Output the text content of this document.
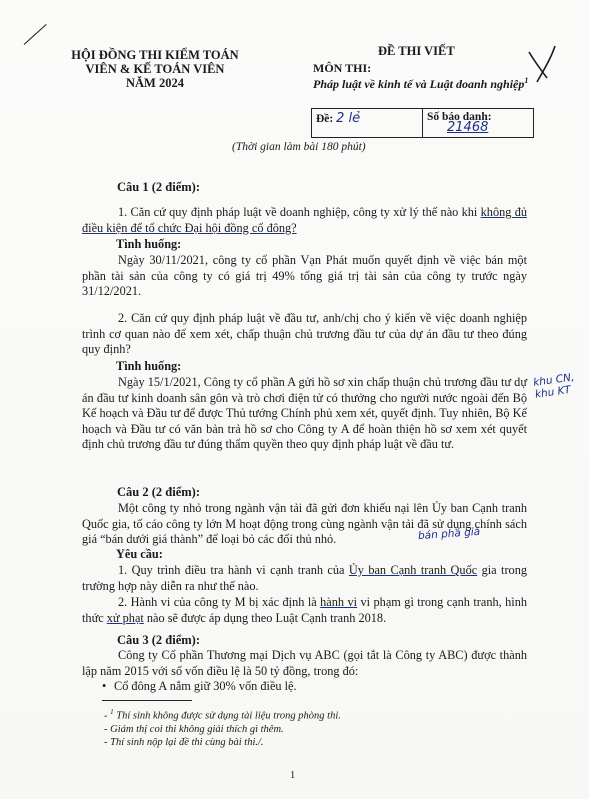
HỘI ĐỒNG THI KIỂM TOÁN
VIÊN & KẾ TOÁN VIÊN
NĂM 2024
ĐỀ THI VIẾT
MÔN THI:
Pháp luật về kinh tế và Luật doanh nghiệp$^1$
Đề: 2 lẻ	Số báo danh:
21468
(Thời gian làm bài 180 phút)
Câu 1 (2 điểm):
1. Căn cứ quy định pháp luật về doanh nghiệp, công ty xử lý thế nào khi không đủ điều kiện để tổ chức Đại hội đồng cổ đông?
Tình huống:
Ngày 30/11/2021, công ty cổ phần Vạn Phát muốn quyết định về việc bán một phần tài sản của công ty có giá trị 49% tổng giá trị tài sản của công ty trước ngày 31/12/2021.
2. Căn cứ quy định pháp luật về đầu tư, anh/chị cho ý kiến về việc doanh nghiệp trình cơ quan nào để xem xét, chấp thuận chủ trương đầu tư của dự án đầu tư theo đúng quy định?
Tình huống:
Ngày 15/1/2021, Công ty cổ phần A gửi hồ sơ xin chấp thuận chủ trương đầu tư dự án đầu tư kinh doanh sân gôn và trò chơi điện tử có thưởng cho người nước ngoài đến Bộ Kế hoạch và Đầu tư để được Thủ tướng Chính phủ xem xét, quyết định. Tuy nhiên, Bộ Kế hoạch và Đầu tư có văn bản trả hồ sơ cho Công ty A để hoàn thiện hồ sơ xem xét quyết định chủ trương đầu tư đúng thẩm quyền theo quy định pháp luật về đầu tư.
khu CN,
khu KT
Câu 2 (2 điểm):
Một công ty nhỏ trong ngành vận tải đã gửi đơn khiếu nại lên Ủy ban Cạnh tranh Quốc gia, tố cáo công ty lớn M hoạt động trong cùng ngành vận tải đã sử dụng chính sách giá “bán dưới giá thành” để loại bỏ các đối thủ nhỏ.	bán phá giá
Yêu cầu:
1. Quy trình điều tra hành vi cạnh tranh của Ủy ban Cạnh tranh Quốc gia trong trường hợp này diễn ra như thế nào.
2. Hành vi của công ty M bị xác định là hành vi vi phạm gì trong cạnh tranh, hình thức xử phạt nào sẽ được áp dụng theo Luật Cạnh tranh 2018.
Câu 3 (2 điểm):
Công ty Cổ phần Thương mại Dịch vụ ABC (gọi tắt là Công ty ABC) được thành lập năm 2015 với số vốn điều lệ là 50 tỷ đồng, trong đó:
• Cổ đông A nắm giữ 30% vốn điều lệ.
- $^1$ Thí sinh không được sử dụng tài liệu trong phòng thi.
- Giám thị coi thi không giải thích gì thêm.
- Thí sinh nộp lại đề thi cùng bài thi./.
1
